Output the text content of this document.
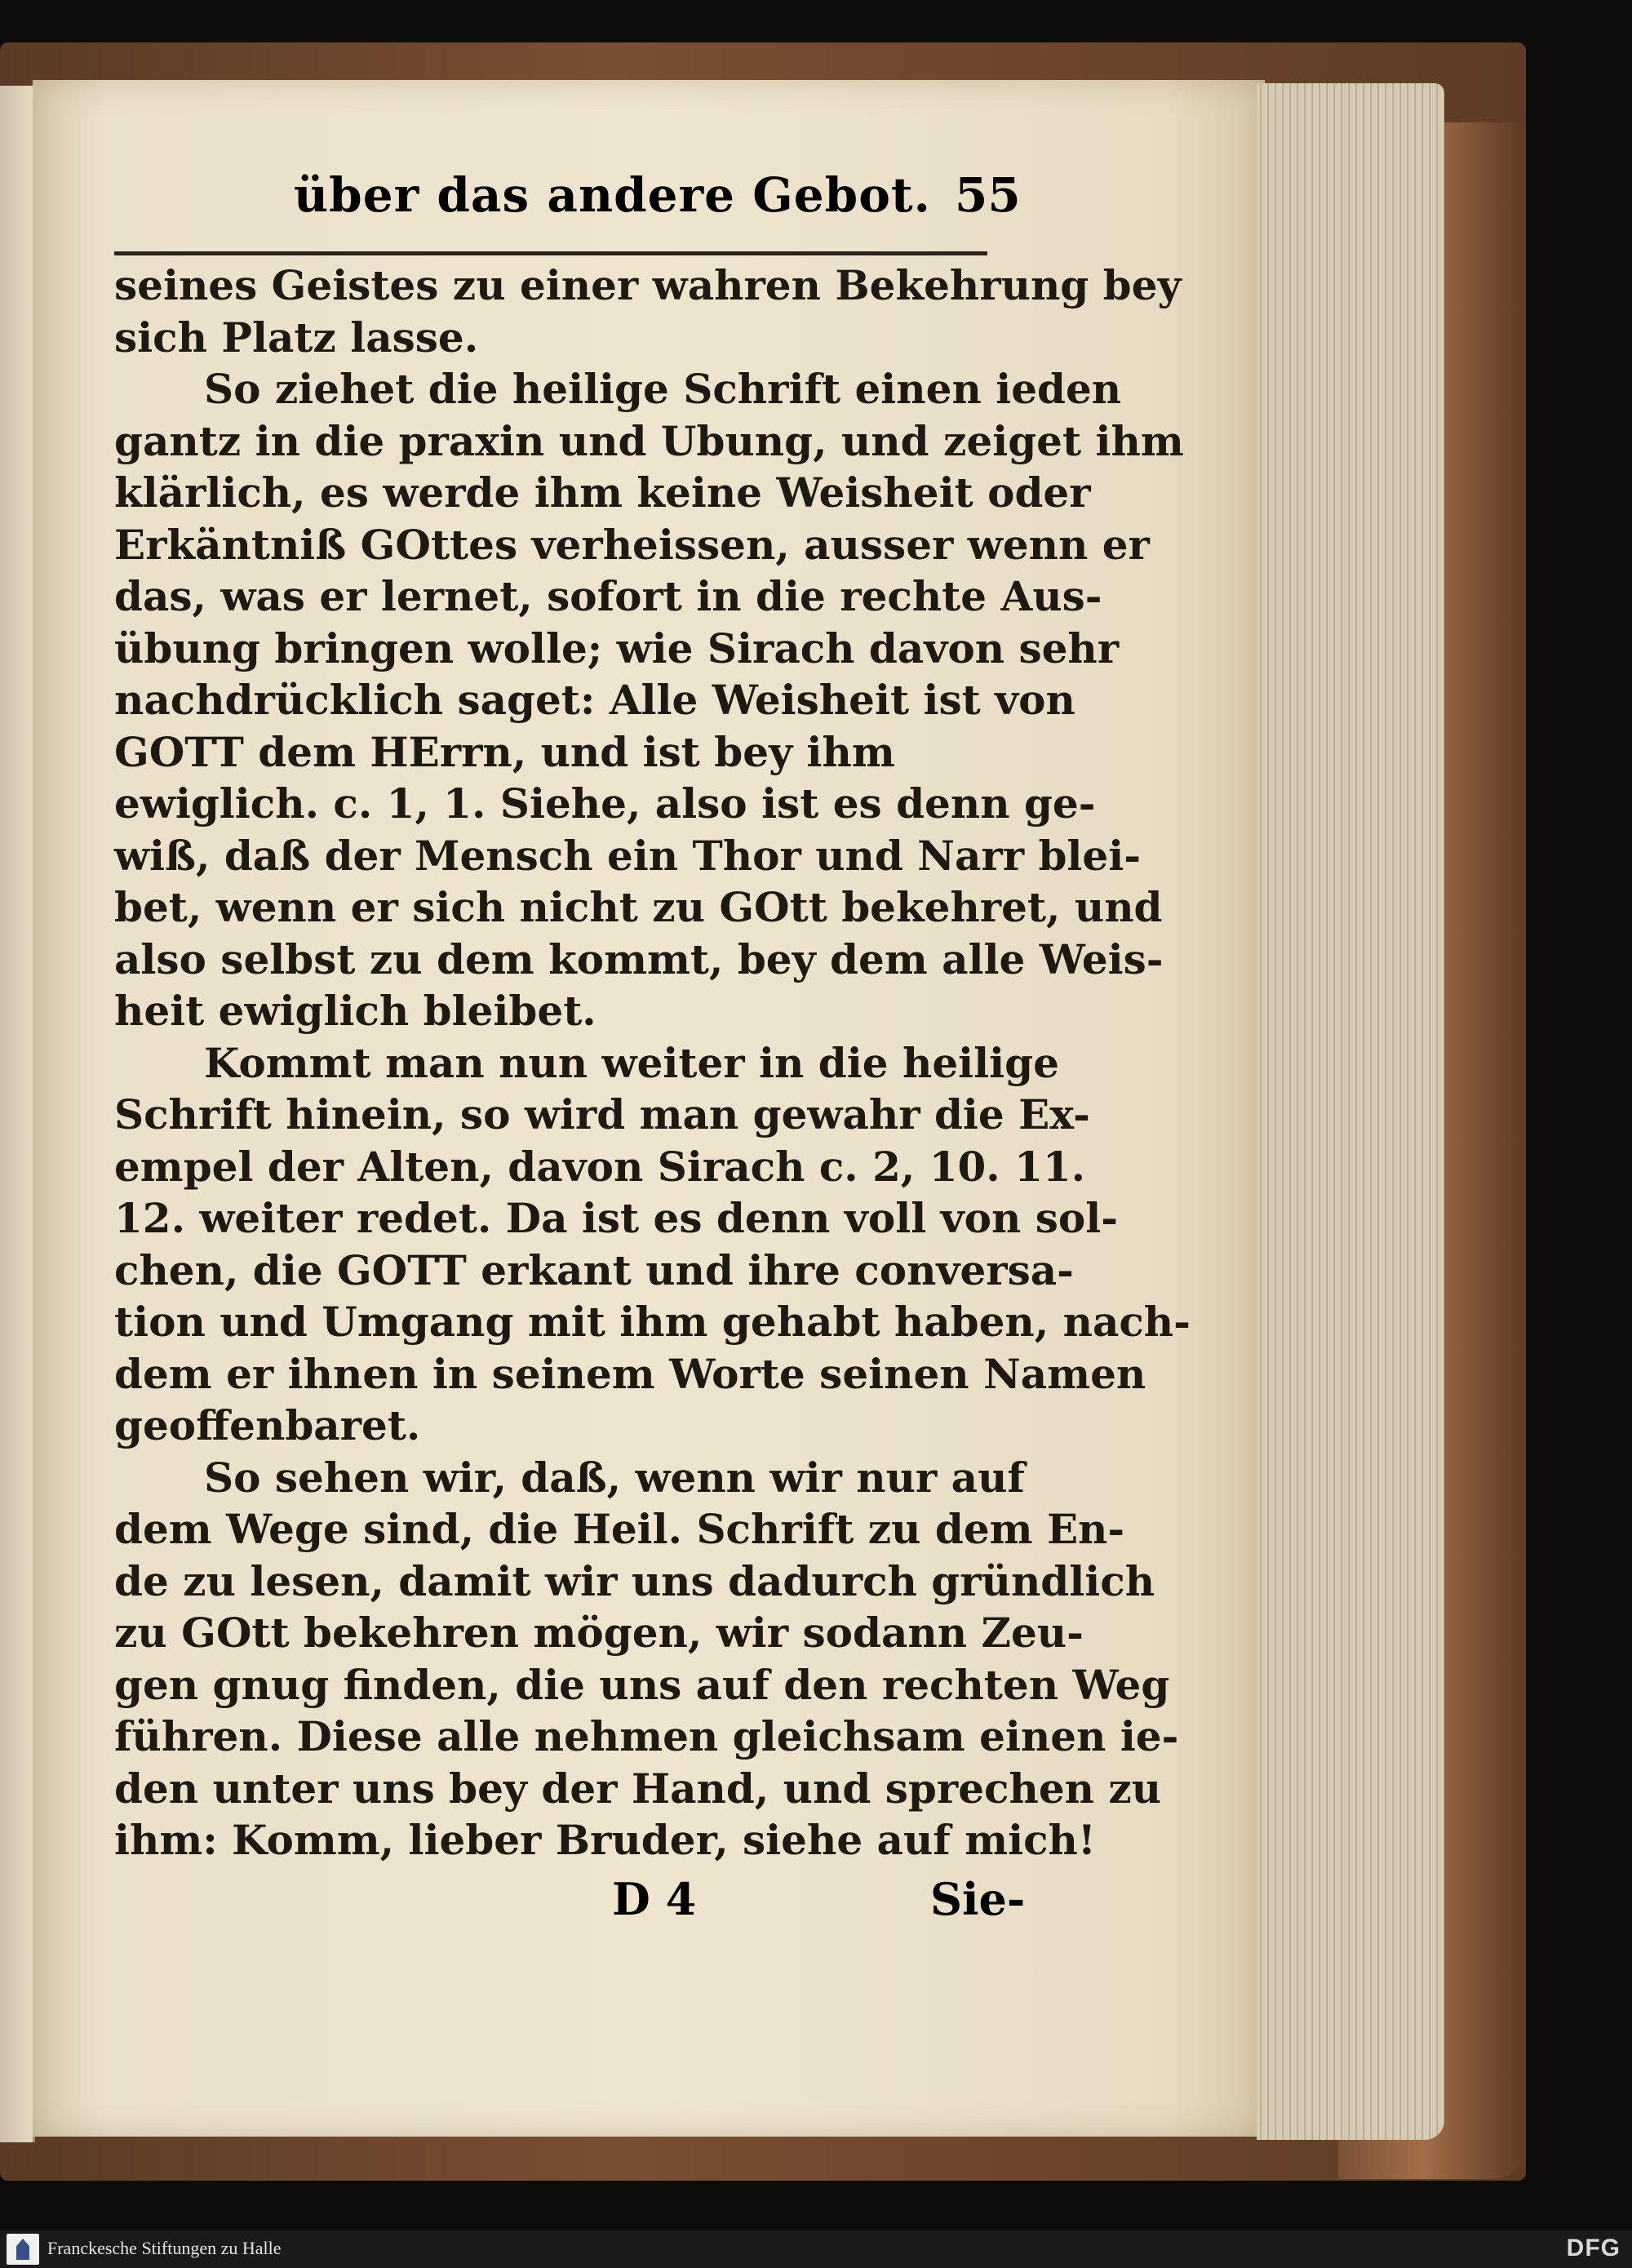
über das andere Gebot. 55
seines Geistes zu einer wahren Bekehrung bey
sich Platz lasse.
So ziehet die heilige Schrift einen ieden
gantz in die praxin und Ubung, und zeiget ihm
klärlich, es werde ihm keine Weisheit oder
Erkäntniß GOttes verheissen, ausser wenn er
das, was er lernet, sofort in die rechte Aus-
übung bringen wolle; wie Sirach davon sehr
nachdrücklich saget: Alle Weisheit ist von
GOTT dem HErrn, und ist bey ihm
ewiglich. c. 1, 1. Siehe, also ist es denn ge-
wiß, daß der Mensch ein Thor und Narr blei-
bet, wenn er sich nicht zu GOtt bekehret, und
also selbst zu dem kommt, bey dem alle Weis-
heit ewiglich bleibet.
Kommt man nun weiter in die heilige
Schrift hinein, so wird man gewahr die Ex-
empel der Alten, davon Sirach c. 2, 10. 11.
12. weiter redet. Da ist es denn voll von sol-
chen, die GOTT erkant und ihre conversa-
tion und Umgang mit ihm gehabt haben, nach-
dem er ihnen in seinem Worte seinen Namen
geoffenbaret.
So sehen wir, daß, wenn wir nur auf
dem Wege sind, die Heil. Schrift zu dem En-
de zu lesen, damit wir uns dadurch gründlich
zu GOtt bekehren mögen, wir sodann Zeu-
gen gnug finden, die uns auf den rechten Weg
führen. Diese alle nehmen gleichsam einen ie-
den unter uns bey der Hand, und sprechen zu
ihm: Komm, lieber Bruder, siehe auf mich!
D 4	Sie-
Franckesche Stiftungen zu Halle	DFG
